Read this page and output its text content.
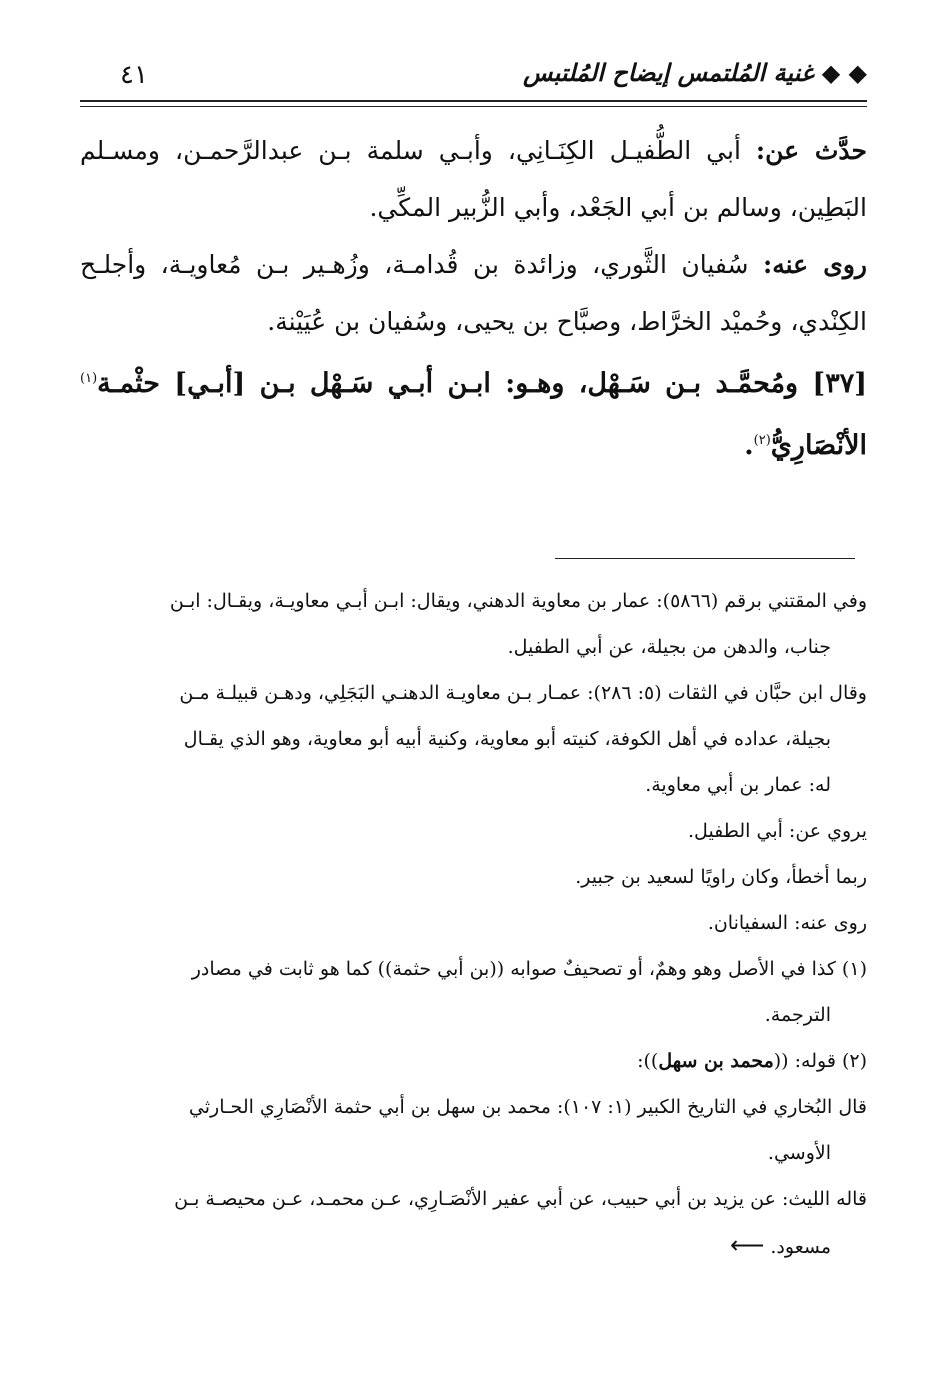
٤١	◆ ◆ غنية المُلتمس إيضاح المُلتبس

حدَّث عن: أبي الطُّفيـل الكِنَـانِي، وأبـي سلمة بـن عبدالرَّحمـن، ومسـلم البَطِين، وسالم بن أبي الجَعْد، وأبي الزُّبير المكِّي.

روى عنه: سُفيان الثَّوري، وزائدة بن قُدامـة، وزُهـير بـن مُعاويـة، وأجلـح الكِنْدي، وحُميْد الخرَّاط، وصبَّاح بن يحيى، وسُفيان بن عُيَيْنة.

[٣٧] ومُحمَّـد بـن سَـهْل، وهـو: ابـن أبـي سَـهْل بـن [أبـي] حثْمـة$^{(١)}$ الأنْصَارِيُّ$^{(٢)}$.

وفي المقتني برقم (٥٨٦٦): عمار بن معاوية الدهني، ويقال: ابـن أبـي معاويـة، ويقـال: ابـن

جناب، والدهن من بجيلة، عن أبي الطفيل.

وقال ابن حبَّان في الثقات (٥: ٢٨٦): عمـار بـن معاويـة الدهنـي البَجَلِي، ودهـن قبيلـة مـن

بجيلة، عداده في أهل الكوفة، كنيته أبو معاوية، وكنية أبيه أبو معاوية، وهو الذي يقـال

له: عمار بن أبي معاوية.

يروي عن: أبي الطفيل.

ربما أخطأ، وكان راويًا لسعيد بن جبير.

روى عنه: السفيانان.

(١) كذا في الأصل وهو وهمٌ، أو تصحيفٌ صوابه ((بن أبي حثمة)) كما هو ثابت في مصادر

الترجمة.

(٢) قوله: ((محمد بن سهل)):

قال البُخاري في التاريخ الكبير (١: ١٠٧): محمد بن سهل بن أبي حثمة الأنْصَارِي الحـارثي

الأوسي.

قاله الليث: عن يزيد بن أبي حبيب، عن أبي عفير الأنْصَـارِي، عـن محمـد، عـن محيصـة بـن

مسعود. ⟵
